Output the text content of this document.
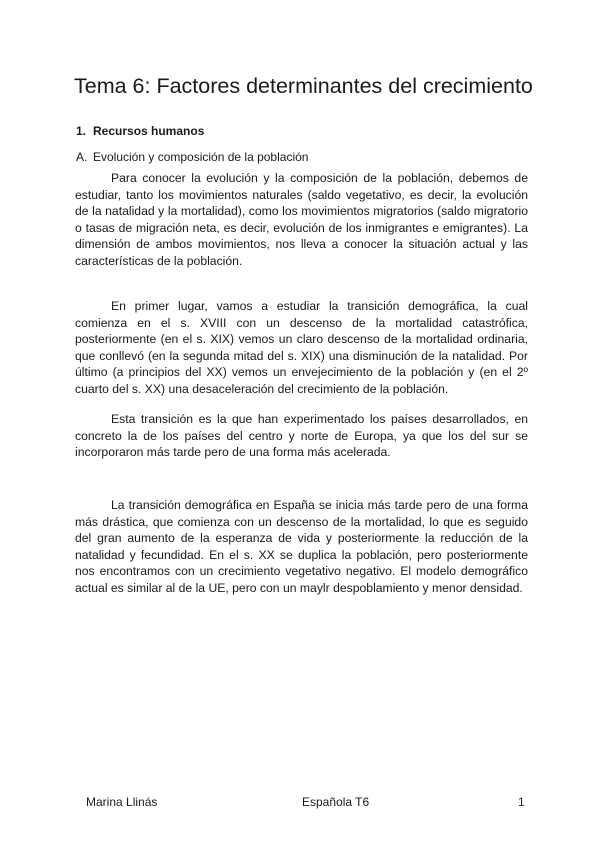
Tema 6: Factores determinantes del crecimiento
1. Recursos humanos
A. Evolución y composición de la población

Para conocer la evolución y la composición de la población, debemos de estudiar, tanto los movimientos naturales (saldo vegetativo, es decir, la evolución de la natalidad y la mortalidad), como los movimientos migratorios (saldo migratorio o tasas de migración neta, es decir, evolución de los inmigrantes e emigrantes). La dimensión de ambos movimientos, nos lleva a conocer la situación actual y las características de la población.

En primer lugar, vamos a estudiar la transición demográfica, la cual comienza en el s. XVIII con un descenso de la mortalidad catastrófica, posteriormente (en el s. XIX) vemos un claro descenso de la mortalidad ordinaria, que conllevó (en la segunda mitad del s. XIX) una disminución de la natalidad. Por último (a principios del XX) vemos un envejecimiento de la población y (en el 2º cuarto del s. XX) una desaceleración del crecimiento de la población.

Esta transición es la que han experimentado los países desarrollados, en concreto la de los países del centro y norte de Europa, ya que los del sur se incorporaron más tarde pero de una forma más acelerada.

La transición demográfica en España se inicia más tarde pero de una forma más drástica, que comienza con un descenso de la mortalidad, lo que es seguido del gran aumento de la esperanza de vida y posteriormente la reducción de la natalidad y fecundidad. En el s. XX se duplica la población, pero posteriormente nos encontramos con un crecimiento vegetativo negativo. El modelo demográfico actual es similar al de la UE, pero con un maylr despoblamiento y menor densidad.

Marina Llinás	Española T6	1
